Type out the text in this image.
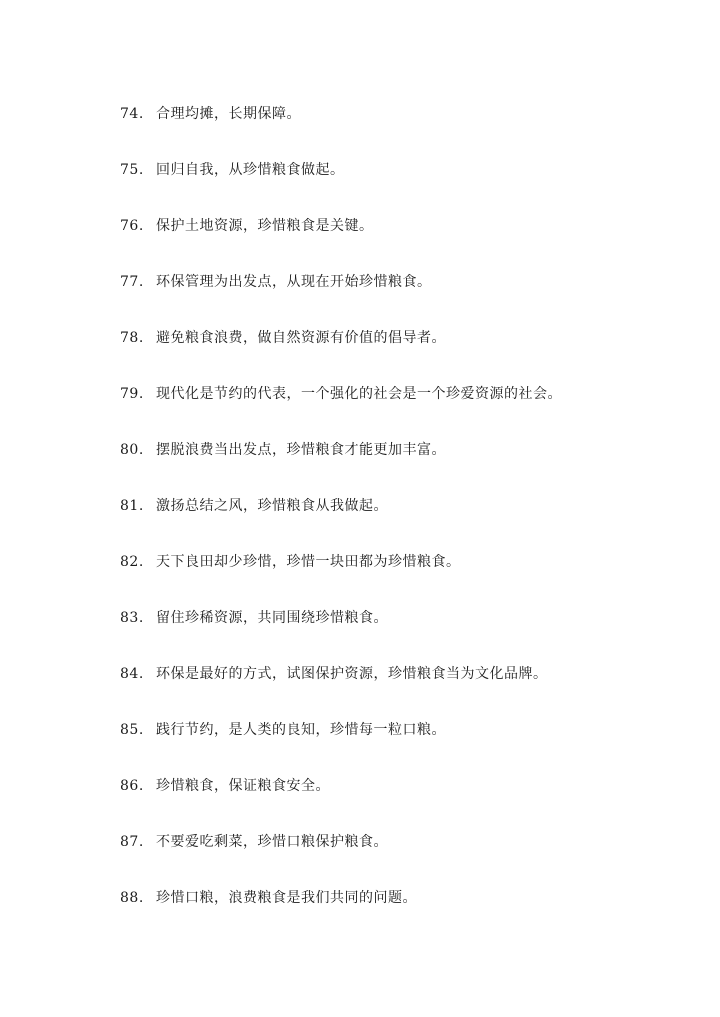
74. 合理均摊，长期保障。
75. 回归自我，从珍惜粮食做起。
76. 保护土地资源，珍惜粮食是关键。
77. 环保管理为出发点，从现在开始珍惜粮食。
78. 避免粮食浪费，做自然资源有价值的倡导者。
79. 现代化是节约的代表，一个强化的社会是一个珍爱资源的社会。
80. 摆脱浪费当出发点，珍惜粮食才能更加丰富。
81. 激扬总结之风，珍惜粮食从我做起。
82. 天下良田却少珍惜，珍惜一块田都为珍惜粮食。
83. 留住珍稀资源，共同围绕珍惜粮食。
84. 环保是最好的方式，试图保护资源，珍惜粮食当为文化品牌。
85. 践行节约，是人类的良知，珍惜每一粒口粮。
86. 珍惜粮食，保证粮食安全。
87. 不要爱吃剩菜，珍惜口粮保护粮食。
88. 珍惜口粮，浪费粮食是我们共同的问题。
